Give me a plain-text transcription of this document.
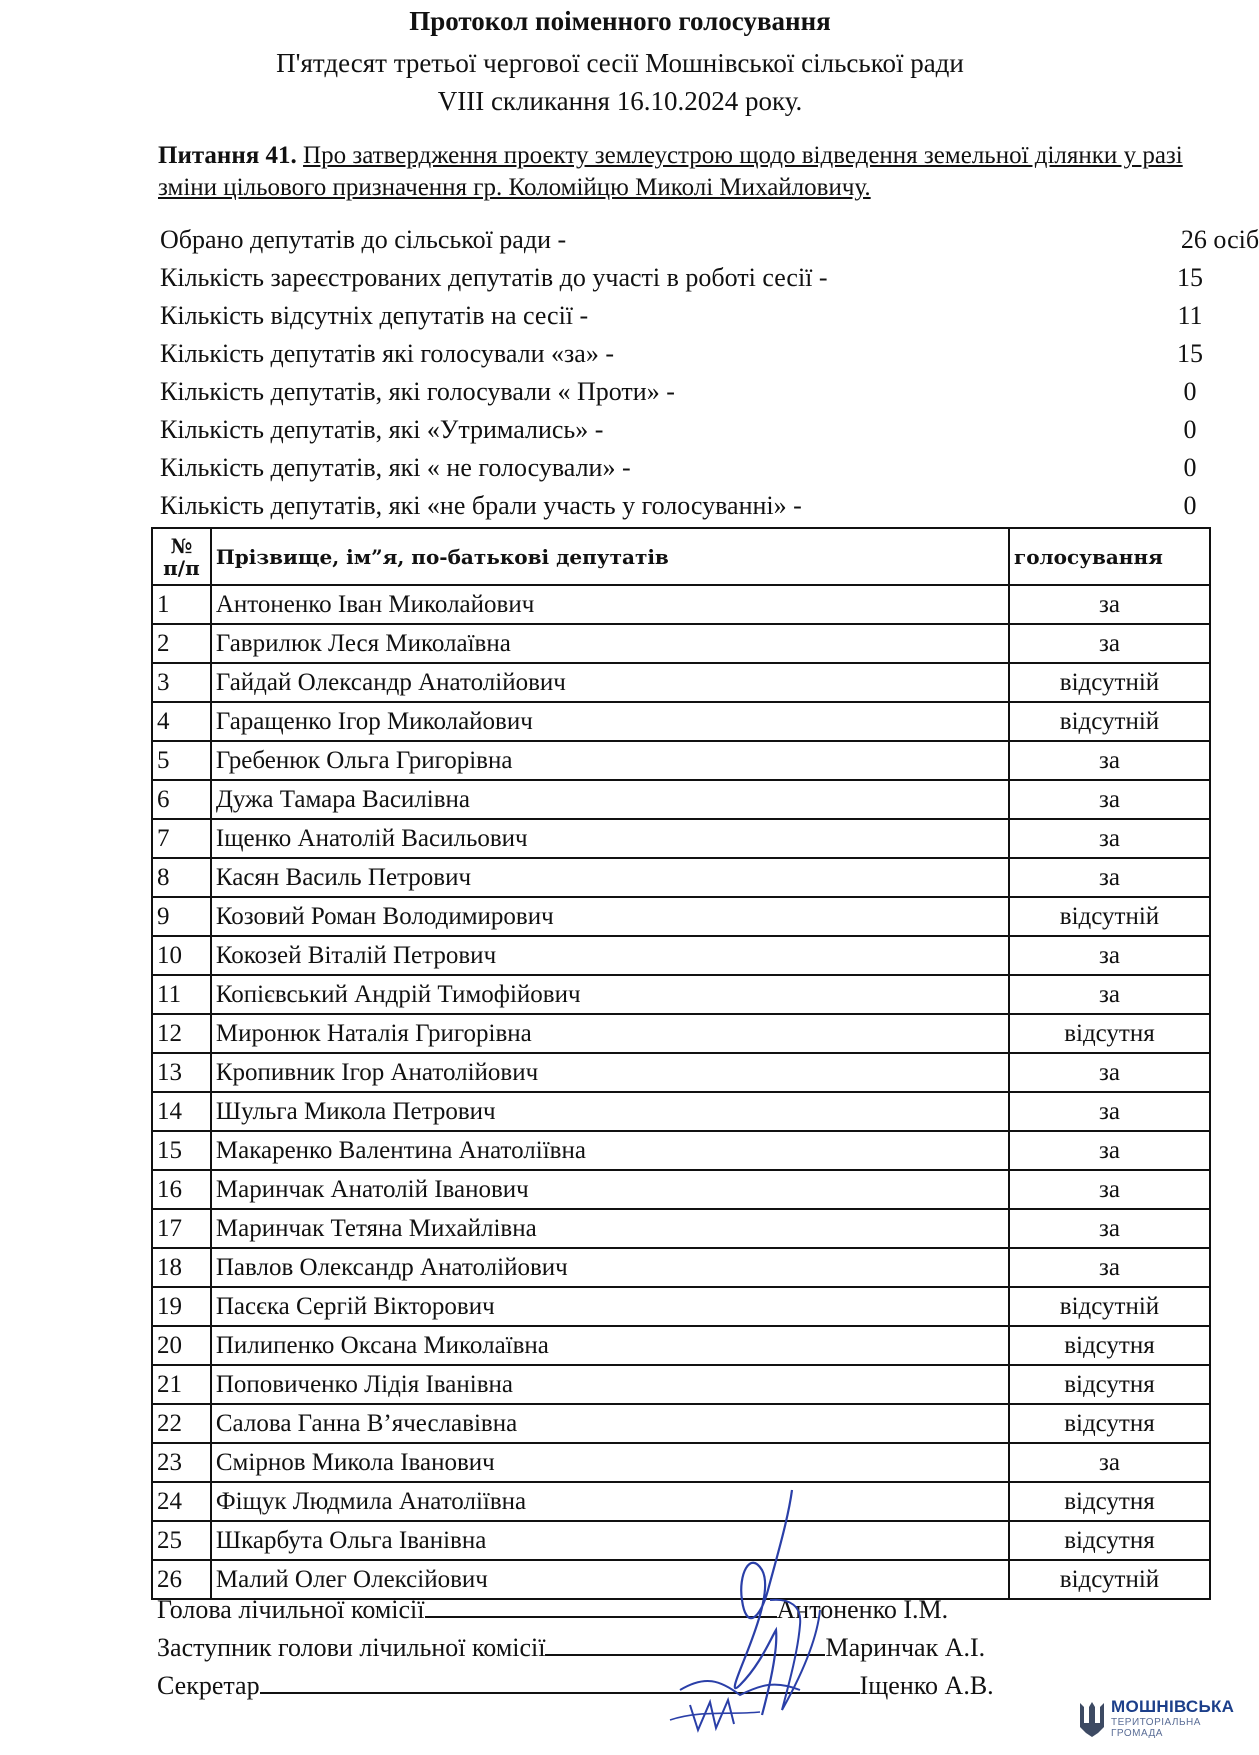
Протокол поіменного голосування
П'ятдесят третьої чергової сесії Мошнівської сільської ради
VIII скликання 16.10.2024 року.
Питання 41. Про затвердження проекту землеустрою щодо відведення земельної ділянки у разі зміни цільового призначення гр. Коломійцю Миколі Михайловичу.
Обрано депутатів до сільської ради -	26 осіб
Кількість зареєстрованих депутатів до участі в роботі сесії -	15
Кількість відсутніх депутатів на сесії -	11
Кількість депутатів які голосували «за» -	15
Кількість депутатів, які голосували « Проти» -	0
Кількість депутатів, які «Утримались» -	0
Кількість депутатів, які « не голосували» -	0
Кількість депутатів, які «не брали участь у голосуванні» -	0
№ п/п	Прізвище, ім”я, по-батькові депутатів	голосування
1	Антоненко Іван Миколайович	за
2	Гаврилюк Леся Миколаївна	за
3	Гайдай Олександр Анатолійович	відсутній
4	Гаращенко Ігор Миколайович	відсутній
5	Гребенюк Ольга Григорівна	за
6	Дужа Тамара Василівна	за
7	Іщенко Анатолій Васильович	за
8	Касян Василь Петрович	за
9	Козовий Роман Володимирович	відсутній
10	Кокозей Віталій Петрович	за
11	Копієвський Андрій Тимофійович	за
12	Миронюк Наталія Григорівна	відсутня
13	Кропивник Ігор Анатолійович	за
14	Шульга Микола Петрович	за
15	Макаренко Валентина Анатоліївна	за
16	Маринчак Анатолій Іванович	за
17	Маринчак Тетяна Михайлівна	за
18	Павлов Олександр Анатолійович	за
19	Пасєка Сергій Вікторович	відсутній
20	Пилипенко Оксана Миколаївна	відсутня
21	Поповиченко Лідія Іванівна	відсутня
22	Салова Ганна В’ячеславівна	відсутня
23	Смірнов Микола Іванович	за
24	Фіщук Людмила Анатоліївна	відсутня
25	Шкарбута Ольга Іванівна	відсутня
26	Малий Олег Олексійович	відсутній
Голова лічильної комісії	Антоненко І.М.
Заступник голови лічильної комісії	Маринчак А.І.
Секретар	Іщенко А.В.
МОШНІВСЬКА
ТЕРИТОРІАЛЬНА
ГРОМАДА
